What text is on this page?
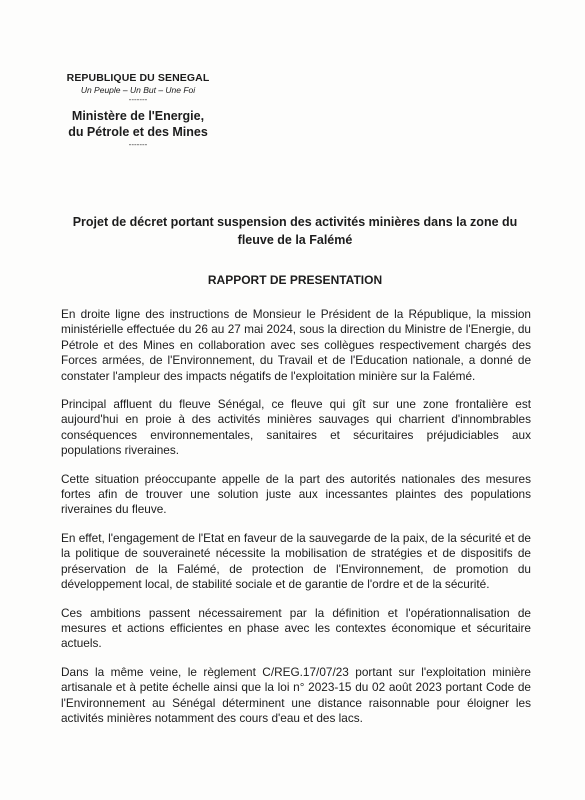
REPUBLIQUE DU SENEGAL
Un Peuple – Un But – Une Foi
-------
Ministère de l'Energie,
du Pétrole et des Mines
-------
Projet de décret portant suspension des activités minières dans la zone du fleuve de la Falémé
RAPPORT DE PRESENTATION

En droite ligne des instructions de Monsieur le Président de la République, la mission ministérielle effectuée du 26 au 27 mai 2024, sous la direction du Ministre de l'Energie, du Pétrole et des Mines en collaboration avec ses collègues respectivement chargés des Forces armées, de l'Environnement, du Travail et de l'Education nationale, a donné de constater l'ampleur des impacts négatifs de l'exploitation minière sur la Falémé.

Principal affluent du fleuve Sénégal, ce fleuve qui gît sur une zone frontalière est aujourd'hui en proie à des activités minières sauvages qui charrient d'innombrables conséquences environnementales, sanitaires et sécuritaires préjudiciables aux populations riveraines.

Cette situation préoccupante appelle de la part des autorités nationales des mesures fortes afin de trouver une solution juste aux incessantes plaintes des populations riveraines du fleuve.

En effet, l'engagement de l'Etat en faveur de la sauvegarde de la paix, de la sécurité et de la politique de souveraineté nécessite la mobilisation de stratégies et de dispositifs de préservation de la Falémé, de protection de l'Environnement, de promotion du développement local, de stabilité sociale et de garantie de l'ordre et de la sécurité.

Ces ambitions passent nécessairement par la définition et l'opérationnalisation de mesures et actions efficientes en phase avec les contextes économique et sécuritaire actuels.

Dans la même veine, le règlement C/REG.17/07/23 portant sur l'exploitation minière artisanale et à petite échelle ainsi que la loi n° 2023-15 du 02 août 2023 portant Code de l'Environnement au Sénégal déterminent une distance raisonnable pour éloigner les activités minières notamment des cours d'eau et des lacs.
